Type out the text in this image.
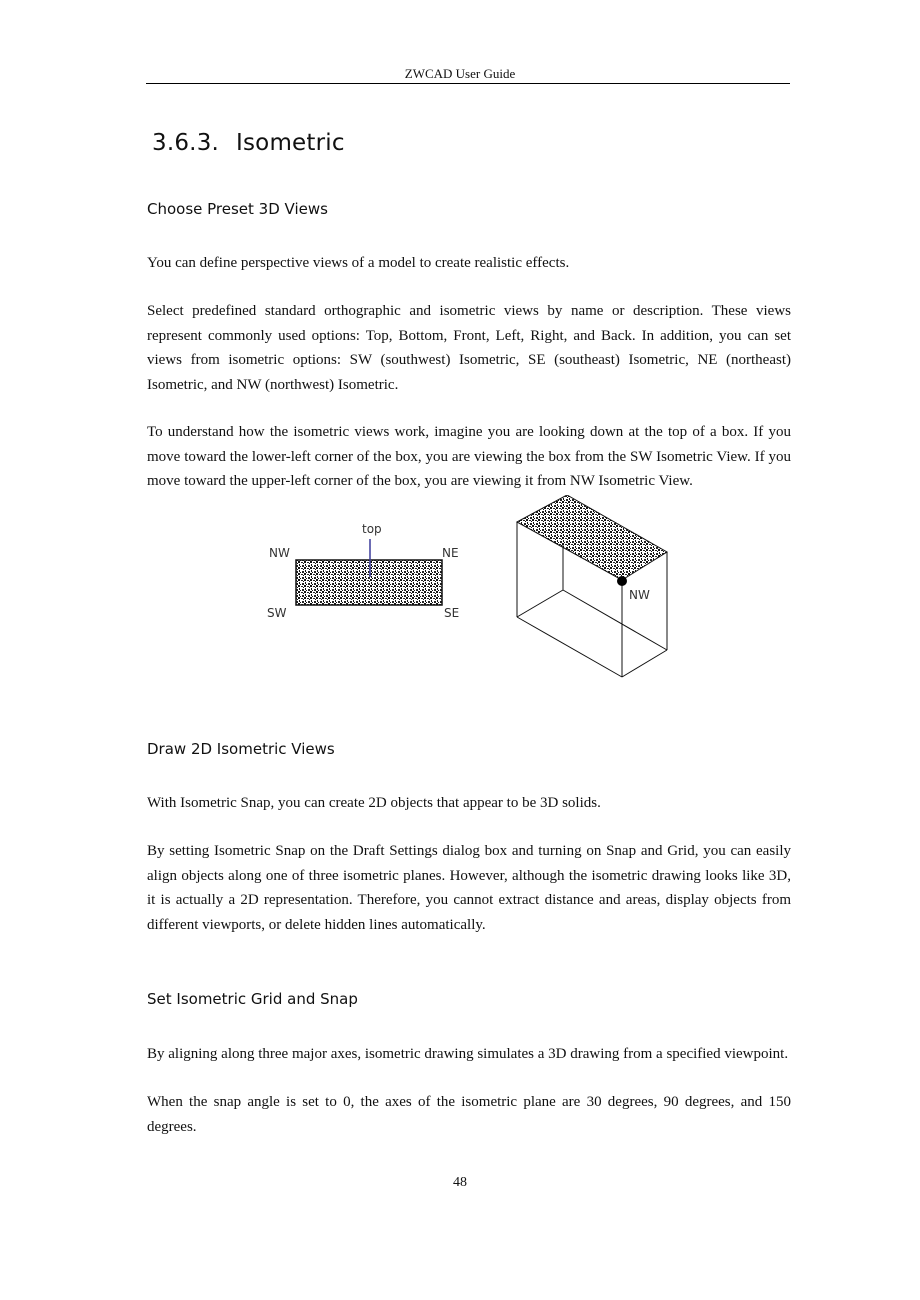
ZWCAD User Guide
3.6.3. Isometric
Choose Preset 3D Views
You can define perspective views of a model to create realistic effects.
Select predefined standard orthographic and isometric views by name or description. These views represent commonly used options: Top, Bottom, Front, Left, Right, and Back. In addition, you can set views from isometric options: SW (southwest) Isometric, SE (southeast) Isometric, NE (northeast) Isometric, and NW (northwest) Isometric.
To understand how the isometric views work, imagine you are looking down at the top of a box. If you move toward the lower-left corner of the box, you are viewing the box from the SW Isometric View. If you move toward the upper-left corner of the box, you are viewing it from NW Isometric View.
top
NW	NE
SW	SE
NW
Draw 2D Isometric Views
With Isometric Snap, you can create 2D objects that appear to be 3D solids.
By setting Isometric Snap on the Draft Settings dialog box and turning on Snap and Grid, you can easily align objects along one of three isometric planes. However, although the isometric drawing looks like 3D, it is actually a 2D representation. Therefore, you cannot extract distance and areas, display objects from different viewports, or delete hidden lines automatically.
Set Isometric Grid and Snap
By aligning along three major axes, isometric drawing simulates a 3D drawing from a specified viewpoint.
When the snap angle is set to 0, the axes of the isometric plane are 30 degrees, 90 degrees, and 150 degrees.
48
